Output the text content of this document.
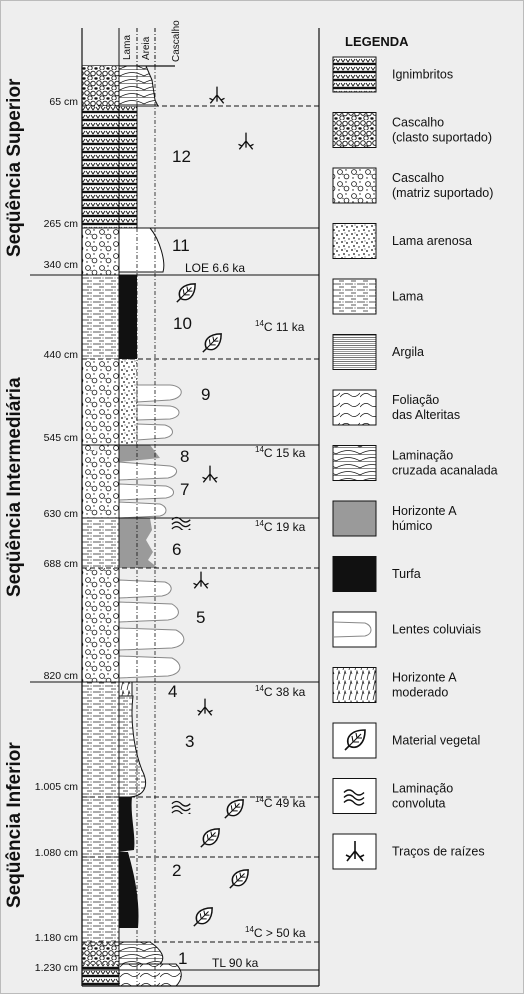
Seqüência Superior
Seqüência Intermediária
Seqüência Inferior
Lama Areia Cascalho
65 cm
265 cm
340 cm
440 cm
545 cm
630 cm
688 cm
820 cm
1.005 cm
1.080 cm
1.180 cm
1.230 cm	1
2
3
4
5
6
7
8
9
10
11
12
LOE 6.6 ka
$^{14}$C 11 ka
$^{14}$C 15 ka
$^{14}$C 19 ka
$^{14}$C 38 ka
$^{14}$C 49 ka
$^{14}$C > 50 ka
TL 90 ka
LEGENDA
Ignimbritos
Cascalho
(clasto suportado)
Cascalho
(matriz suportado)
Lama arenosa
Lama
Argila
Foliação
das Alteritas
Laminação
cruzada acanalada
Horizonte A
húmico
Turfa
Lentes coluviais
Horizonte A
moderado
Material vegetal
Laminação
convoluta
Traços de raízes
